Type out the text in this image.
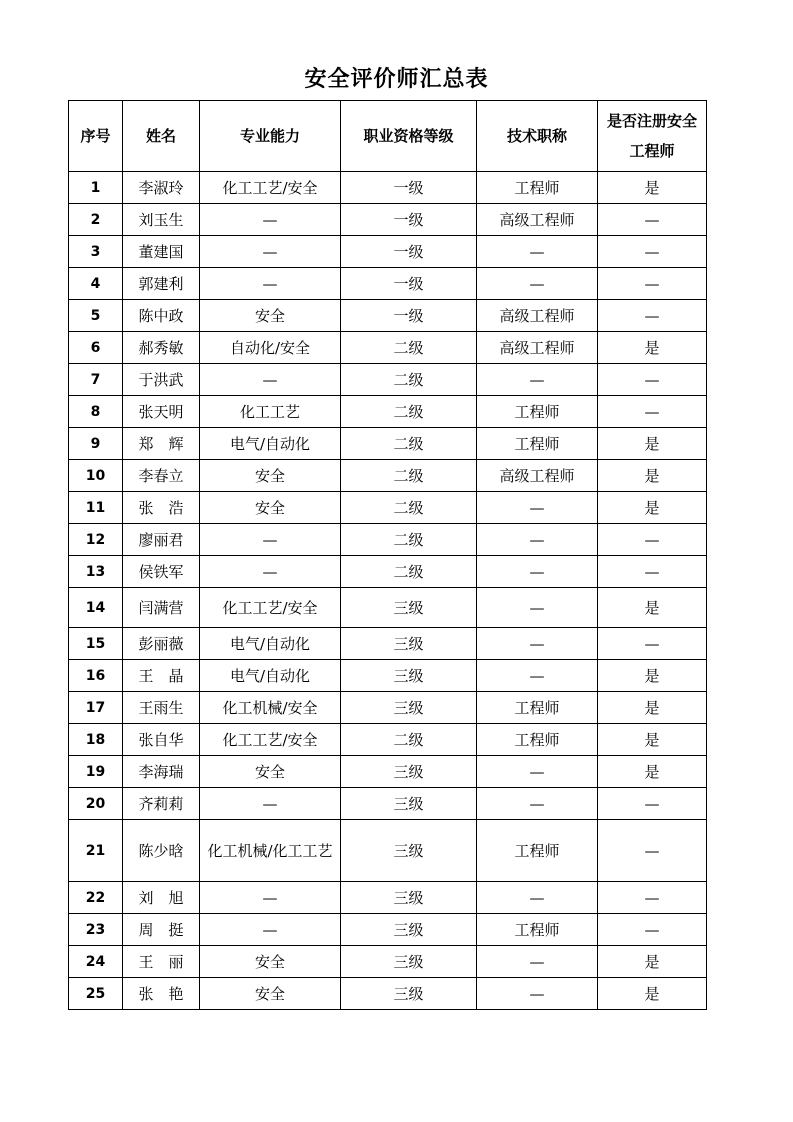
安全评价师汇总表
序号	姓名	专业能力	职业资格等级	技术职称	是否注册安全工程师
1	李淑玲	化工工艺/安全	一级	工程师	是
2	刘玉生	—	一级	高级工程师	—
3	董建国	—	一级	—	—
4	郭建利	—	一级	—	—
5	陈中政	安全	一级	高级工程师	—
6	郝秀敏	自动化/安全	二级	高级工程师	是
7	于洪武	—	二级	—	—
8	张天明	化工工艺	二级	工程师	—
9	郑　辉	电气/自动化	二级	工程师	是
10	李春立	安全	二级	高级工程师	是
11	张　浩	安全	二级	—	是
12	廖丽君	—	二级	—	—
13	侯铁军	—	二级	—	—
14	闫满营	化工工艺/安全	三级	—	是
15	彭丽薇	电气/自动化	三级	—	—
16	王　晶	电气/自动化	三级	—	是
17	王雨生	化工机械/安全	三级	工程师	是
18	张自华	化工工艺/安全	二级	工程师	是
19	李海瑞	安全	三级	—	是
20	齐莉莉	—	三级	—	—
21	陈少晗	化工机械/化工工艺	三级	工程师	—
22	刘　旭	—	三级	—	—
23	周　挺	—	三级	工程师	—
24	王　丽	安全	三级	—	是
25	张　艳	安全	三级	—	是
